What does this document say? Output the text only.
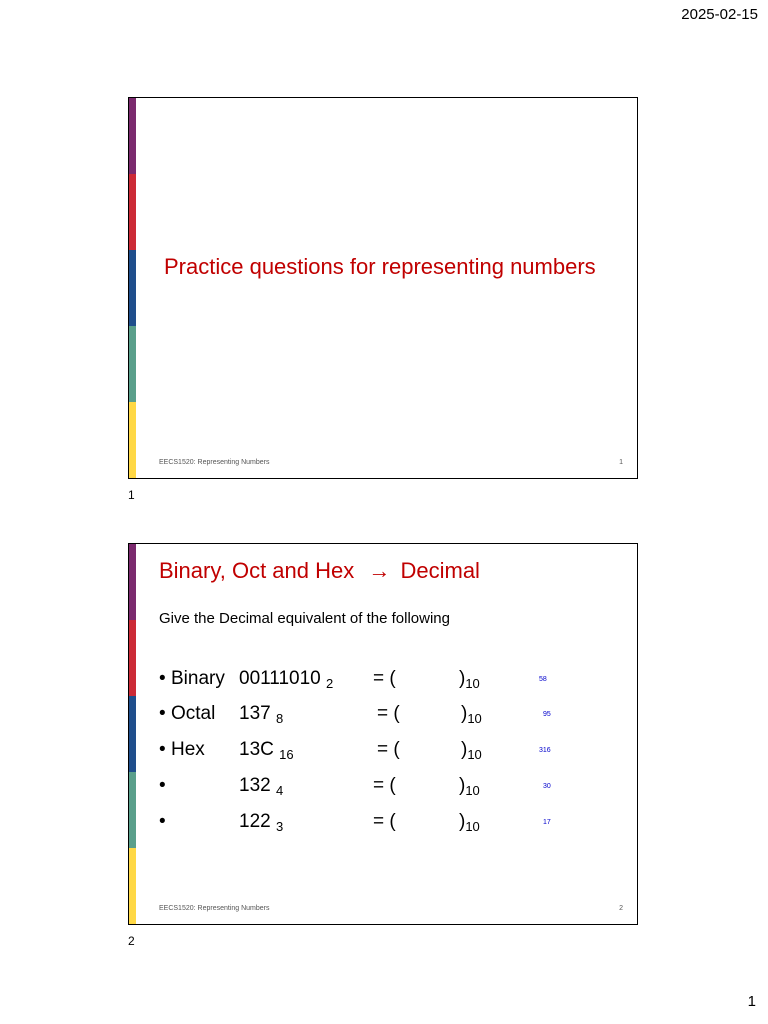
2025-02-15
Practice questions for representing numbers
EECS1520: Representing Numbers	1
1
Binary, Oct and Hex → Decimal
Give the Decimal equivalent of the following
• Binary 00111010 $_2$ = (	)$_{10}$	58
• Octal 137 $_8$	= (	)$_{10}$	95
• Hex 13C $_{16}$	= (	)$_{10}$	316
•	132 $_4$	= (	)$_{10}$	30
•	122 $_3$	= (	)$_{10}$	17
EECS1520: Representing Numbers	2
2
1
